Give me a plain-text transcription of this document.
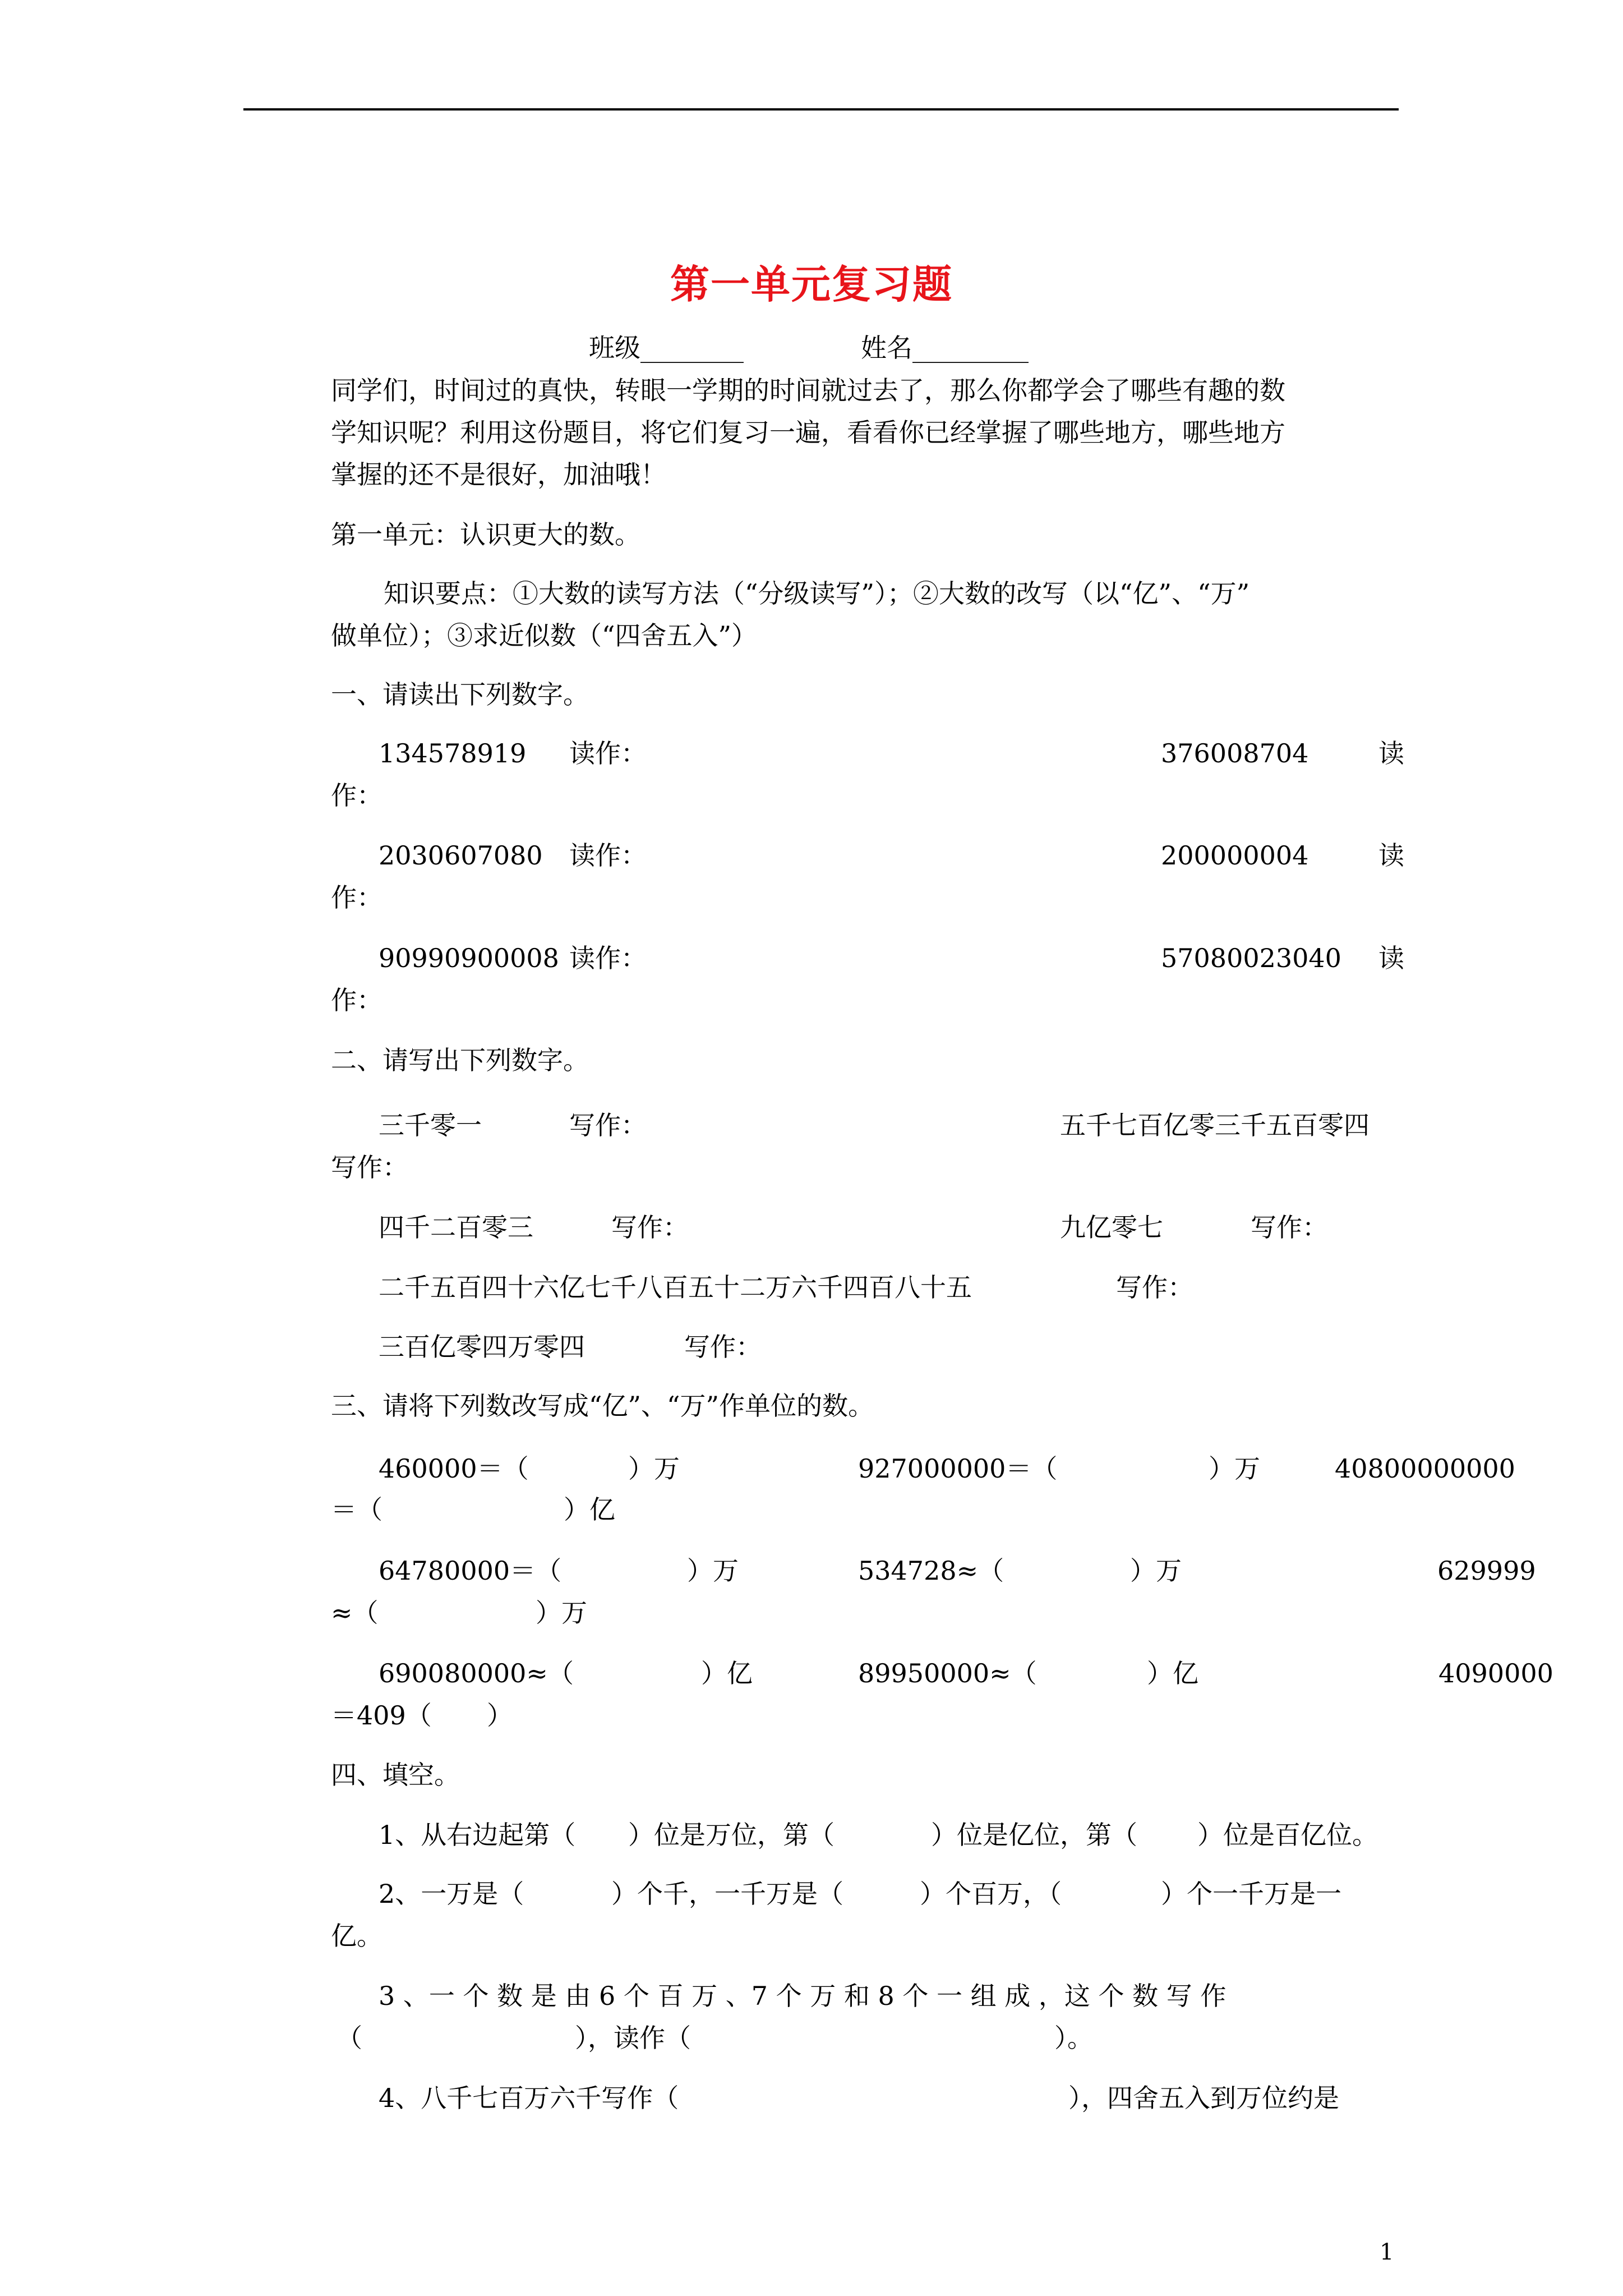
第一单元复习题
班级________	姓名_________
同学们，时间过的真快，转眼一学期的时间就过去了，那么你都学会了哪些有趣的数
学知识呢？利用这份题目，将它们复习一遍，看看你已经掌握了哪些地方，哪些地方
掌握的还不是很好，加油哦！
第一单元：认识更大的数。
知识要点：①大数的读写方法（“分级读写”）；②大数的改写（以“亿”、“万”
做单位）；③求近似数（“四舍五入”）
一、请读出下列数字。
134578919 读作：	376008704	读
作：
2030607080 读作：	200000004	读
作：
90990900008 读作：	57080023040 读
作：
二、请写出下列数字。
三千零一	写作：	五千七百亿零三千五百零四
写作：
四千二百零三	写作：	九亿零七	写作：
二千五百四十六亿七千八百五十二万六千四百八十五	写作：
三百亿零四万零四	写作：
三、请将下列数改写成“亿”、“万”作单位的数。
460000＝（	）万	927000000＝（	）万	40800000000
＝（	）亿
64780000＝（	）万	534728≈（	）万	629999
≈（	）万
690080000≈（	）亿	89950000≈（	）亿	4090000
＝409（ ）
四、填空。
1、从右边起第（ ）位是万位，第（	）位是亿位，第（ ）位是百亿位。
2、一万是（	）个千，一千万是（	）个百万，（	）个一千万是一
亿。
3 、一 个 数 是 由 6 个 百 万 、7 个 万 和 8 个 一 组 成 ，这 个 数 写 作
（	），读作（	）。
4、八千七百万六千写作（	），四舍五入到万位约是
1
